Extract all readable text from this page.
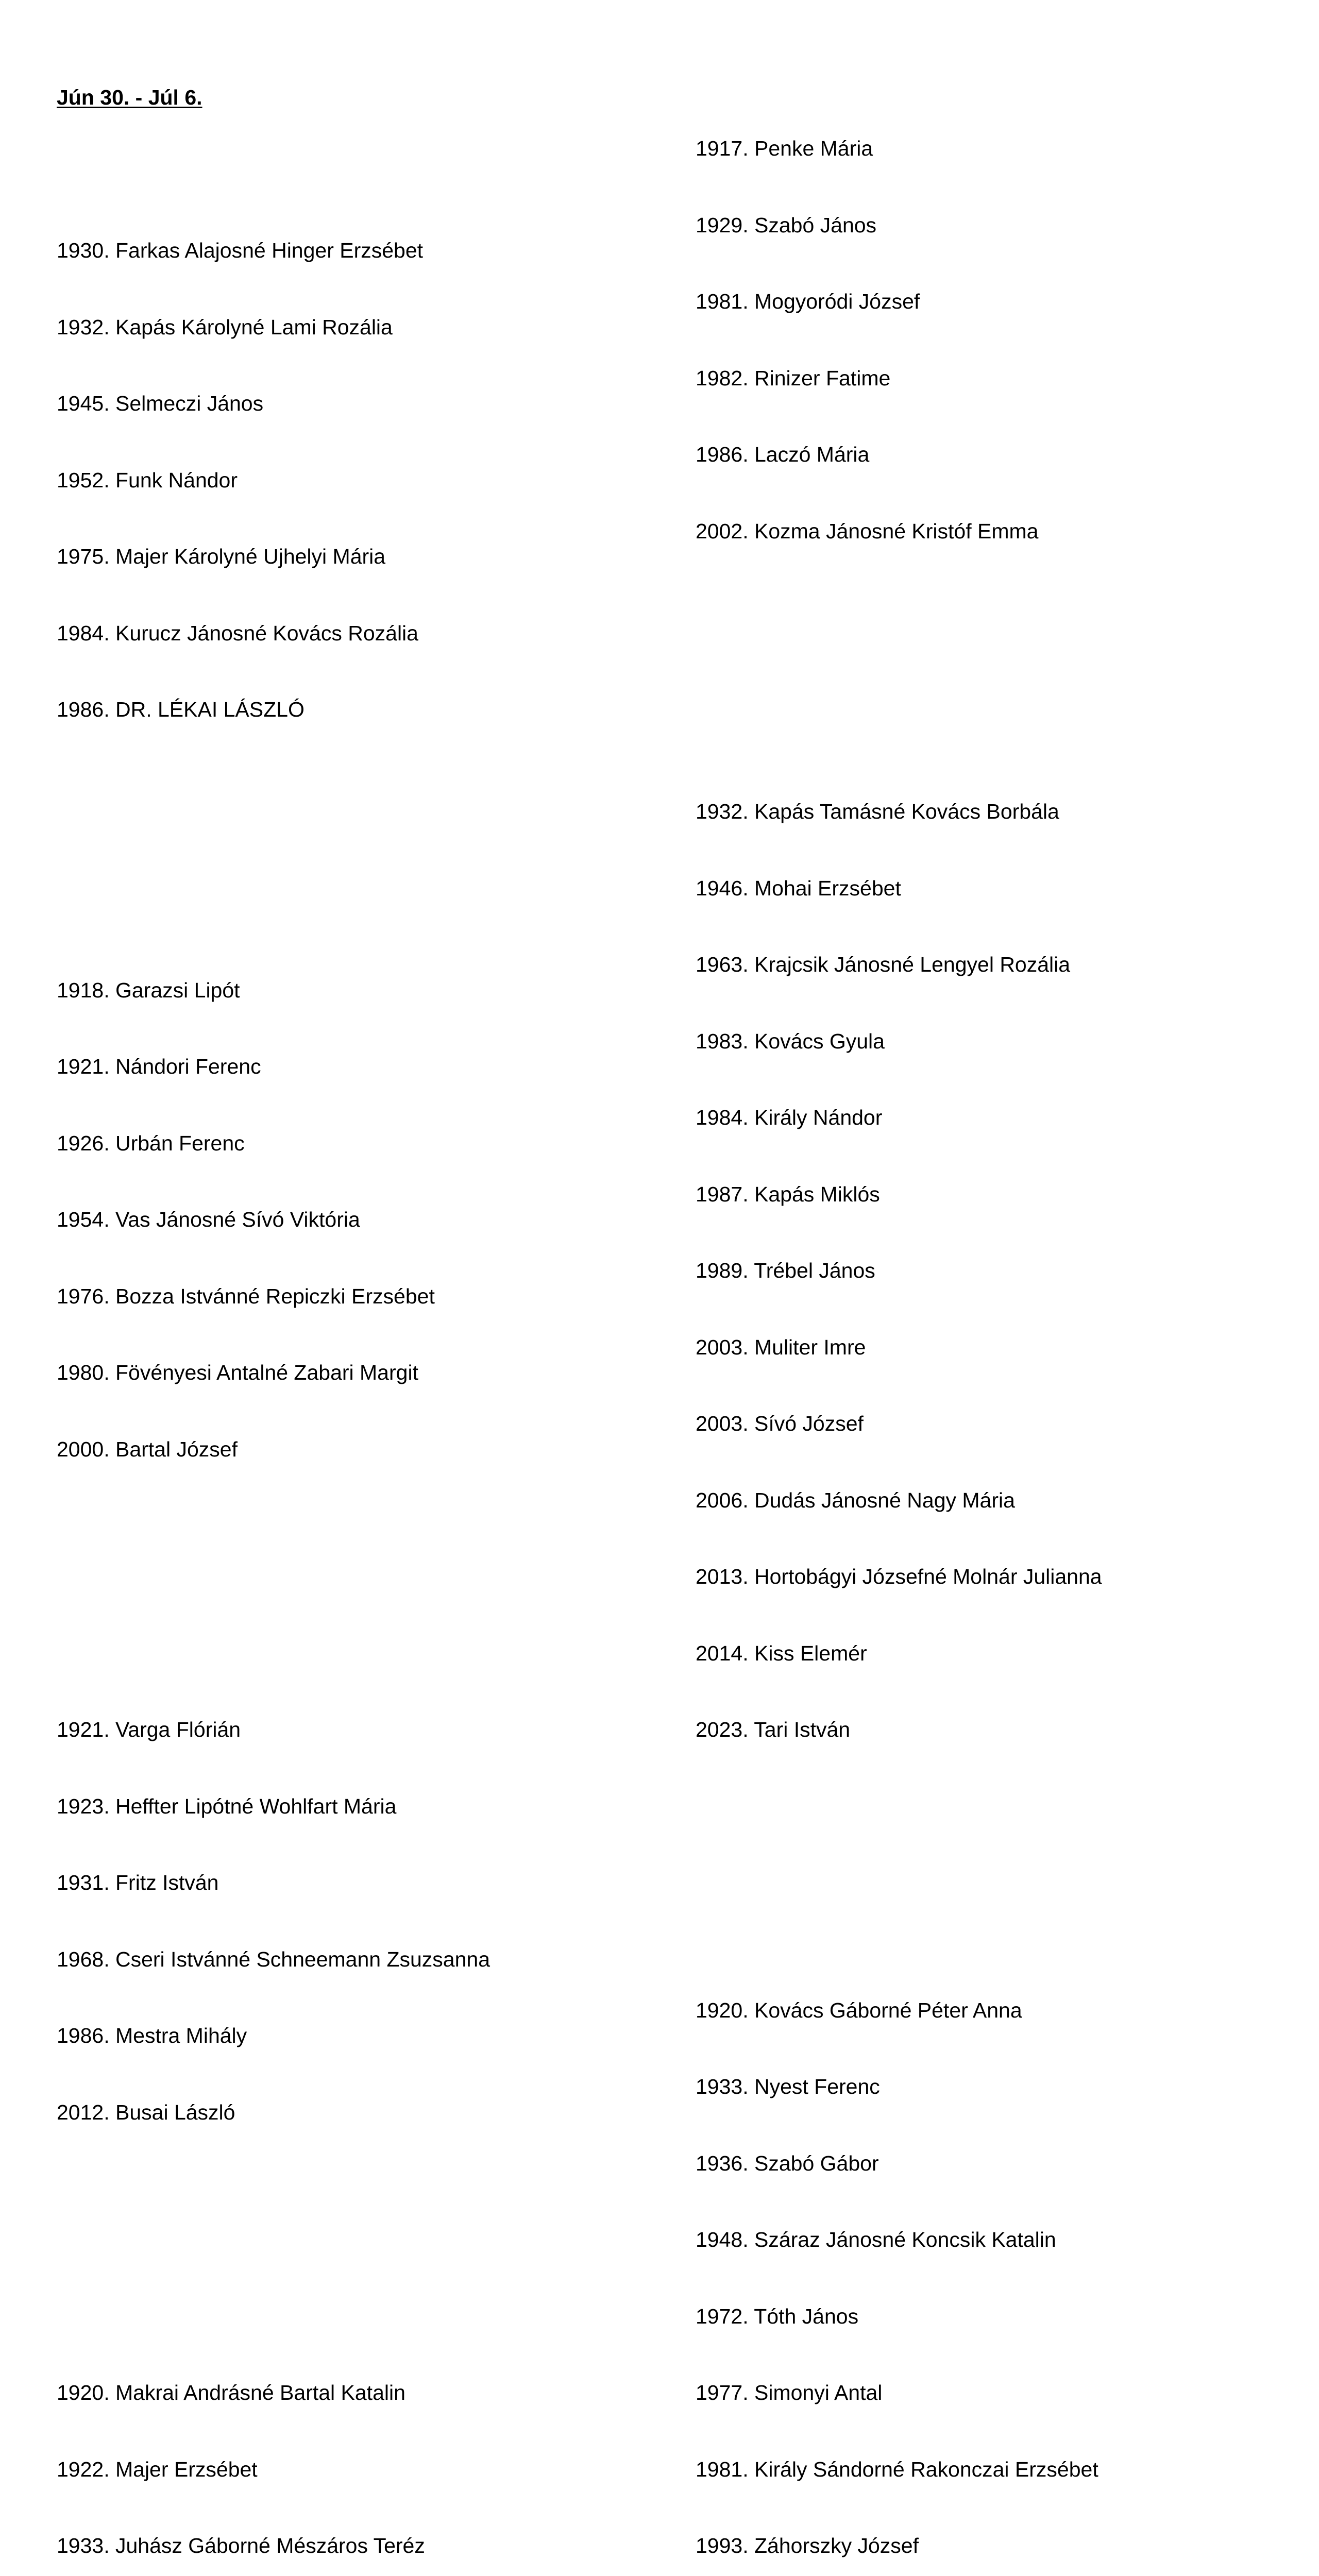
Jún 30. - Júl 6.

1930. Farkas Alajosné Hinger Erzsébet

1932. Kapás Károlyné Lami Rozália

1945. Selmeczi János

1952. Funk Nándor

1975. Majer Károlyné Ujhelyi Mária

1984. Kurucz Jánosné Kovács Rozália

1986. DR. LÉKAI LÁSZLÓ

1918. Garazsi Lipót

1921. Nándori Ferenc

1926. Urbán Ferenc

1954. Vas Jánosné Sívó Viktória

1976. Bozza Istvánné Repiczki Erzsébet

1980. Fövényesi Antalné Zabari Margit

2000. Bartal József

1921. Varga Flórián

1923. Heffter Lipótné Wohlfart Mária

1931. Fritz István

1968. Cseri Istvánné Schneemann Zsuzsanna

1986. Mestra Mihály

2012. Busai László

1920. Makrai Andrásné Bartal Katalin

1922. Majer Erzsébet

1933. Juhász Gáborné Mészáros Teréz

1917. Penke Mária

1929. Szabó János

1981. Mogyoródi József

1982. Rinizer Fatime

1986. Laczó Mária

2002. Kozma Jánosné Kristóf Emma

1932. Kapás Tamásné Kovács Borbála

1946. Mohai Erzsébet

1963. Krajcsik Jánosné Lengyel Rozália

1983. Kovács Gyula

1984. Király Nándor

1987. Kapás Miklós

1989. Trébel János

2003. Muliter Imre

2003. Sívó József

2006. Dudás Jánosné Nagy Mária

2013. Hortobágyi Józsefné Molnár Julianna

2014. Kiss Elemér

2023. Tari István

1920. Kovács Gáborné Péter Anna

1933. Nyest Ferenc

1936. Szabó Gábor

1948. Száraz Jánosné Koncsik Katalin

1972. Tóth János

1977. Simonyi Antal

1981. Király Sándorné Rakonczai Erzsébet

1993. Záhorszky József
